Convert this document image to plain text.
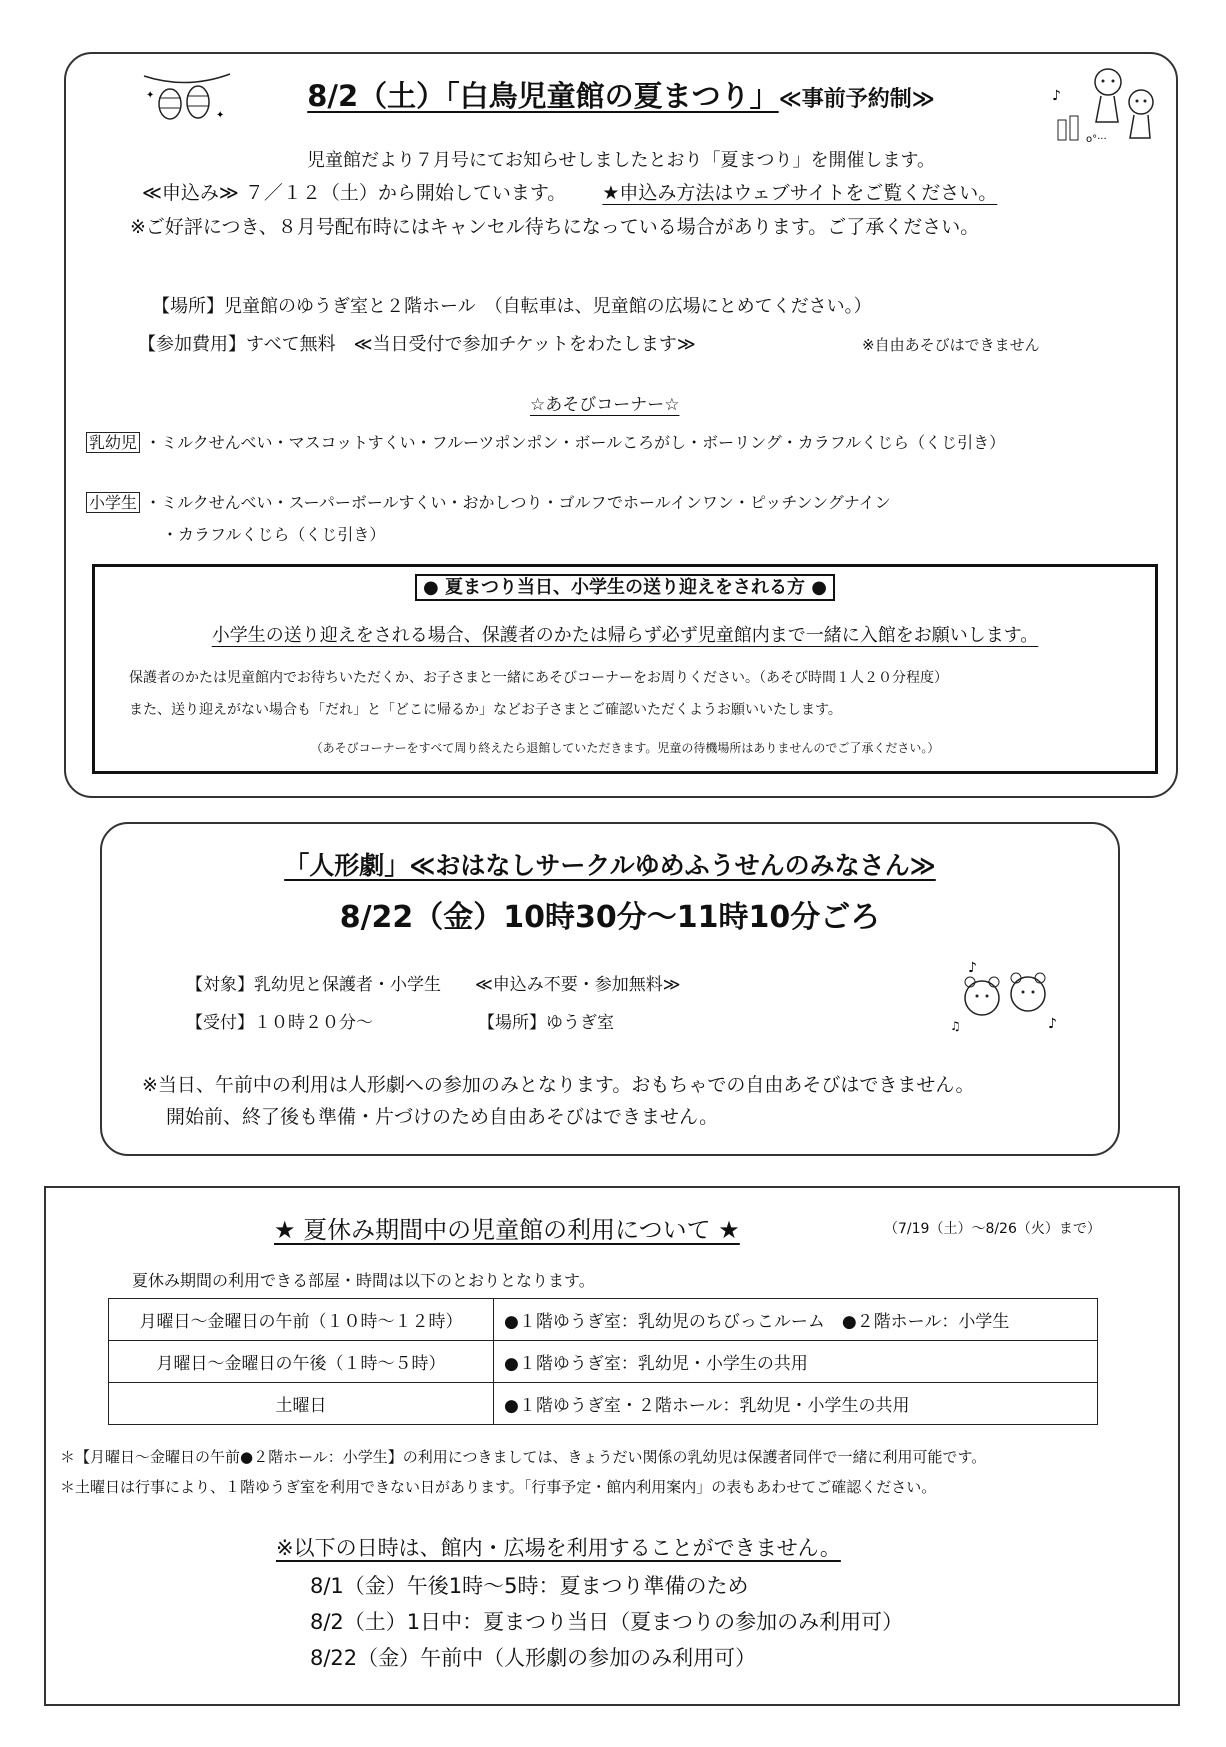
✦
✦
♪
o°···
8/2（土）「白鳥児童館の夏まつり」≪事前予約制≫
児童館だより７月号にてお知らせしましたとおり「夏まつり」を開催します。
≪申込み≫ ７／１２（土）から開始しています。 ★申込み方法はウェブサイトをご覧ください。
※ご好評につき、８月号配布時にはキャンセル待ちになっている場合があります。ご了承ください。
【場所】児童館のゆうぎ室と２階ホール　（自転車は、児童館の広場にとめてください。）
【参加費用】すべて無料　≪当日受付で参加チケットをわたします≫	※自由あそびはできません
☆あそびコーナー☆
乳幼児 ・ミルクせんべい・マスコットすくい・フルーツポンポン・ボールころがし・ボーリング・カラフルくじら（くじ引き）
小学生 ・ミルクせんべい・スーパーボールすくい・おかしつり・ゴルフでホールインワン・ピッチンングナイン
・カラフルくじら（くじ引き）
● 夏まつり当日、小学生の送り迎えをされる方 ●
小学生の送り迎えをされる場合、保護者のかたは帰らず必ず児童館内まで一緒に入館をお願いします。
保護者のかたは児童館内でお待ちいただくか、お子さまと一緒にあそびコーナーをお周りください。（あそび時間１人２０分程度）
また、送り迎えがない場合も「だれ」と「どこに帰るか」などお子さまとご確認いただくようお願いいたします。
（あそびコーナーをすべて周り終えたら退館していただきます。児童の待機場所はありませんのでご了承ください。）
「人形劇」≪おはなしサークルゆめふうせんのみなさん≫
8/22（金）10時30分～11時10分ごろ
【対象】乳幼児と保護者・小学生　　≪申込み不要・参加無料≫
【受付】１０時２０分～	【場所】ゆうぎ室
※当日、午前中の利用は人形劇への参加のみとなります。おもちゃでの自由あそびはできません。
開始前、終了後も準備・片づけのため自由あそびはできません。
♪
♪
♫
★ 夏休み期間中の児童館の利用について ★	（7/19（土）～8/26（火）まで）
夏休み期間の利用できる部屋・時間は以下のとおりとなります。
月曜日～金曜日の午前（１０時～１２時）	●１階ゆうぎ室：乳幼児のちびっこルーム　●２階ホール：小学生
月曜日～金曜日の午後（１時～５時）	●１階ゆうぎ室：乳幼児・小学生の共用
土曜日	●１階ゆうぎ室・２階ホール：乳幼児・小学生の共用
＊【月曜日～金曜日の午前●２階ホール：小学生】の利用につきましては、きょうだい関係の乳幼児は保護者同伴で一緒に利用可能です。
＊土曜日は行事により、１階ゆうぎ室を利用できない日があります。「行事予定・館内利用案内」の表もあわせてご確認ください。
※以下の日時は、館内・広場を利用することができません。
8/1（金）午後1時～5時：夏まつり準備のため
8/2（土）1日中：夏まつり当日（夏まつりの参加のみ利用可）
8/22（金）午前中（人形劇の参加のみ利用可）
